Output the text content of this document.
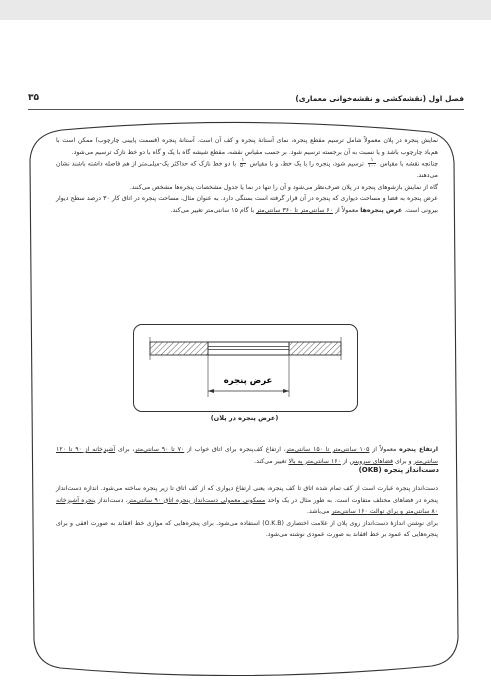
فصل اول (نقشه‌کشی و نقشه‌خوانی معماری)
۳۵

نمایش پنجره در پلان معمولاً شامل ترسیم مقطع پنجره، نمای آستانهٔ پنجره و کف آن است. آستانهٔ پنجره (قسمت پایینی چارچوب) ممکن است با هم‌باد چارچوب باشد و یا نسبت به آن برجسته ترسیم شود. بر حسب مقیاس نقشه، مقطع شیشه گاه با یک و گاه با دو خط نازک ترسیم می‌شود.

چنانچه نقشه با مقیاس
$\frac{۱}{۱۰۰}$
ترسیم شود، پنجره را با یک خط، و با مقیاس
$\frac{۱}{۵۰}$
با دو خط نازک که حداکثر یک-میلی‌متر از هم فاصله داشته باشند نشان می‌دهند.

گاه از نمایش بازشوهای پنجره در پلان صرف‌نظر می‌شود و آن را تنها در نما یا جدول مشخصات پنجره‌ها مشخص می‌کنند.

عرض پنجره به فضا و مساحت دیواری که پنجره در آن قرار گرفته است بستگی دارد. به عنوان مثال، مساحت پنجره در اتاق کار ۳۰ درصد سطح دیوار بیرونی است. عرض پنجره‌ها معمولاً از ۶۰ سانتی‌متر تا ۳۶۰ سانتی‌متر با گام ۱۵ سانتی‌متر تغییر می‌کند.

عرض پنجره
(عرض پنجره در پلان)

ارتفاع پنجره معمولاً از ۱۰۵ سانتی‌متر تا ۱۵۰ سانتی‌متر، ارتفاع کف‌پنجره برای اتاق خواب از ۷۰ تا ۹۰ سانتی‌متر، برای آشپزخانه از ۹۰ تا ۱۲۰ سانتی‌متر و برای فضاهای سرویس از ۱۶۰ سانتی‌متر به بالا تغییر می‌کند.

دست‌انداز پنجره (OKB)

دست‌انداز پنجره عبارت است از کف تمام شده اتاق تا کف پنجره، یعنی ارتفاع دیواری که از کف اتاق تا زیر پنجره ساخته می‌شود. اندازه دست‌انداز پنجره در فضاهای مختلف متفاوت است. به طور مثال در یک واحد مسکونی معمولی دست‌انداز پنجره اتاق ۹۰ سانتی‌متر، دست‌انداز پنجره آشپزخانه ۸۰ سانتی‌متر و برای توالت ۱۶۰ سانتی‌متر می‌باشد.

برای نوشتن اندازهٔ دست‌انداز روی پلان از علامت اختصاری (O.K.B) استفاده می‌شود. برای پنجره‌هایی که موازی خط افقاند به صورت افقی و برای پنجره‌هایی که عمود بر خط افقاند به صورت عمودی نوشته می‌شود.
